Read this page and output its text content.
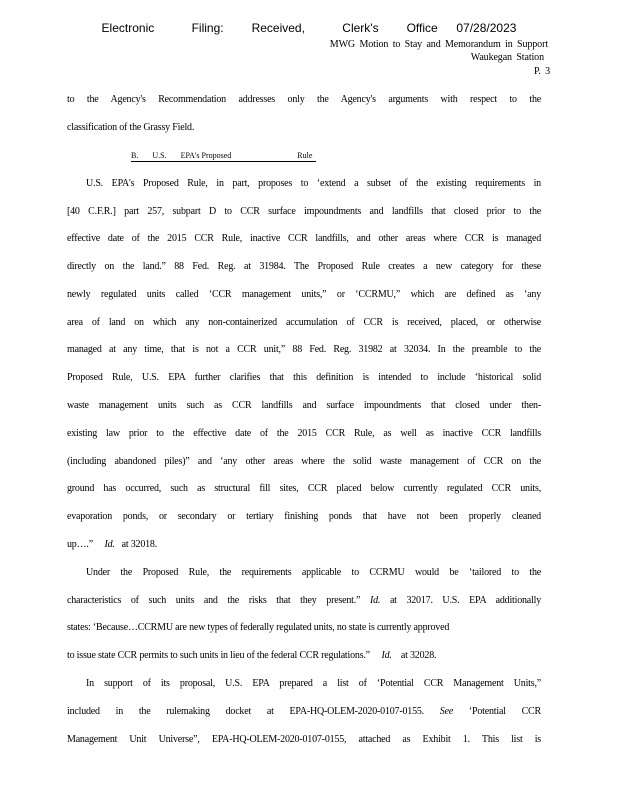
Electronic    Filing:   Received,    Clerk's   Office  07/28/2023
MWG Motion to Stay and Memorandum in Support
Waukegan Station
P. 3
to the Agency's Recommendation addresses only the Agency's arguments with respect to the
classification of the Grassy Field.
B. U.S. EPA's Proposed	Rule
U.S. EPA's Proposed Rule, in part, proposes to ‘extend a subset of the existing requirements in
[40 C.F.R.] part 257, subpart D to CCR surface impoundments and landfills that closed prior to the
effective date of the 2015 CCR Rule, inactive CCR landfills, and other areas where CCR is managed
directly on the land.” 88 Fed. Reg. at 31984. The Proposed Rule creates a new category for these
newly regulated units called ‘CCR management units,” or ‘CCRMU,” which are defined as ‘any
area of land on which any non-containerized accumulation of CCR is received, placed, or otherwise
managed at any time, that is not a CCR unit,” 88 Fed. Reg. 31982 at 32034. In the preamble to the
Proposed Rule, U.S. EPA further clarifies that this definition is intended to include ‘historical solid
waste management units such as CCR landfills and surface impoundments that closed under then-
existing law prior to the effective date of the 2015 CCR Rule, as well as inactive CCR landfills
(including abandoned piles)” and ‘any other areas where the solid waste management of CCR on the
ground has occurred, such as structural fill sites, CCR placed below currently regulated CCR units,
evaporation ponds, or secondary or tertiary finishing ponds that have not been properly cleaned
up….” Id. at 32018.
Under the Proposed Rule, the requirements applicable to CCRMU would be ‘tailored to the
characteristics of such units and the risks that they present.” Id. at 32017. U.S. EPA additionally
states: ‘Because…CCRMU are new types of federally regulated units, no state is currently approved
to issue state CCR permits to such units in lieu of the federal CCR regulations.” Id. at 32028.
In support of its proposal, U.S. EPA prepared a list of ‘Potential CCR Management Units,”
included in the rulemaking docket at EPA-HQ-OLEM-2020-0107-0155. See ‘Potential CCR
Management Unit Universe”, EPA-HQ-OLEM-2020-0107-0155, attached as Exhibit 1. This list is
